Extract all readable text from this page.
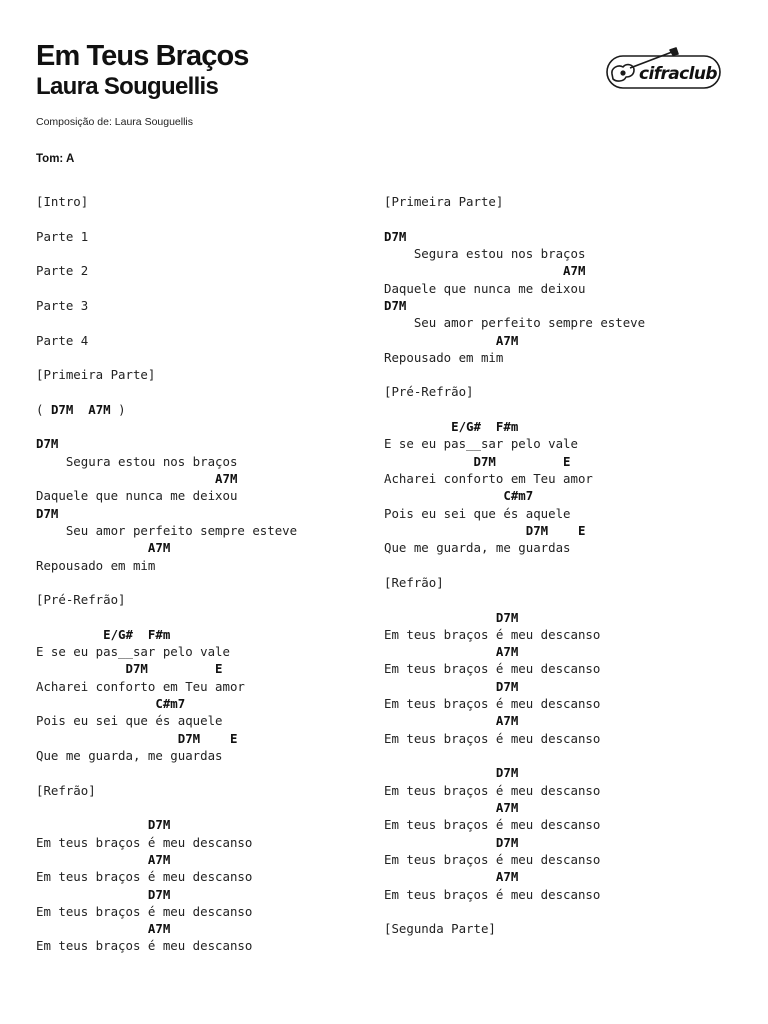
Em Teus Braços
Laura Souguellis
Composição de: Laura Souguellis
Tom: A
cifraclub
[Intro]
Parte 1
Parte 2
Parte 3
Parte 4
[Primeira Parte]
( D7M A7M )
D7M
Segura estou nos braços
A7M
Daquele que nunca me deixou
D7M
Seu amor perfeito sempre esteve
A7M
Repousado em mim
[Pré-Refrão]
E/G#  F#m
E se eu pas__sar pelo vale
D7M         E
Acharei conforto em Teu amor
C#m7
Pois eu sei que és aquele
D7M    E
Que me guarda, me guardas
[Refrão]
D7M
Em teus braços é meu descanso
A7M
Em teus braços é meu descanso
D7M
Em teus braços é meu descanso
A7M
Em teus braços é meu descanso
[Primeira Parte]
D7M
Segura estou nos braços
A7M
Daquele que nunca me deixou
D7M
Seu amor perfeito sempre esteve
A7M
Repousado em mim
[Pré-Refrão]
E/G#  F#m
E se eu pas__sar pelo vale
D7M         E
Acharei conforto em Teu amor
C#m7
Pois eu sei que és aquele
D7M    E
Que me guarda, me guardas
[Refrão]
D7M
Em teus braços é meu descanso
A7M
Em teus braços é meu descanso
D7M
Em teus braços é meu descanso
A7M
Em teus braços é meu descanso
D7M
Em teus braços é meu descanso
A7M
Em teus braços é meu descanso
D7M
Em teus braços é meu descanso
A7M
Em teus braços é meu descanso
[Segunda Parte]
